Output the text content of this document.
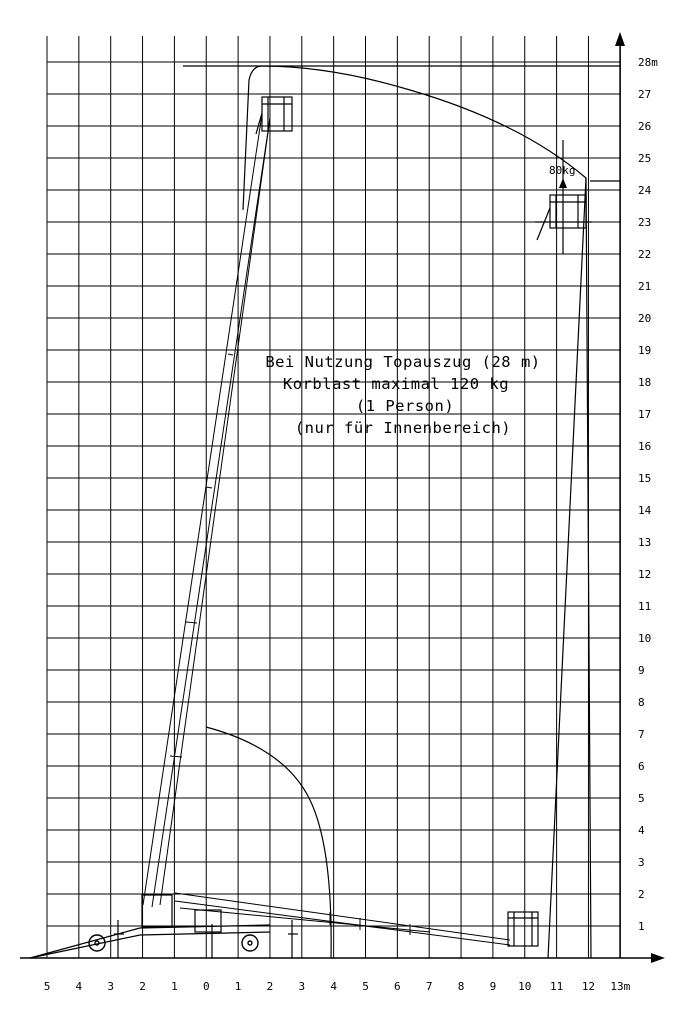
5 4 3 2 1 0 1 2 3 4 5 6 7 8 9 10 11 12 13m
1
2
3
4
5
6
7
8
9
10
11
12
13
14
15
16
17
18
19
20
21
22
23
24
25
26
27
28m
80kg
Bei Nutzung Topauszug (28 m)
Korblast maximal 120 kg
(1 Person)
(nur für Innenbereich)
